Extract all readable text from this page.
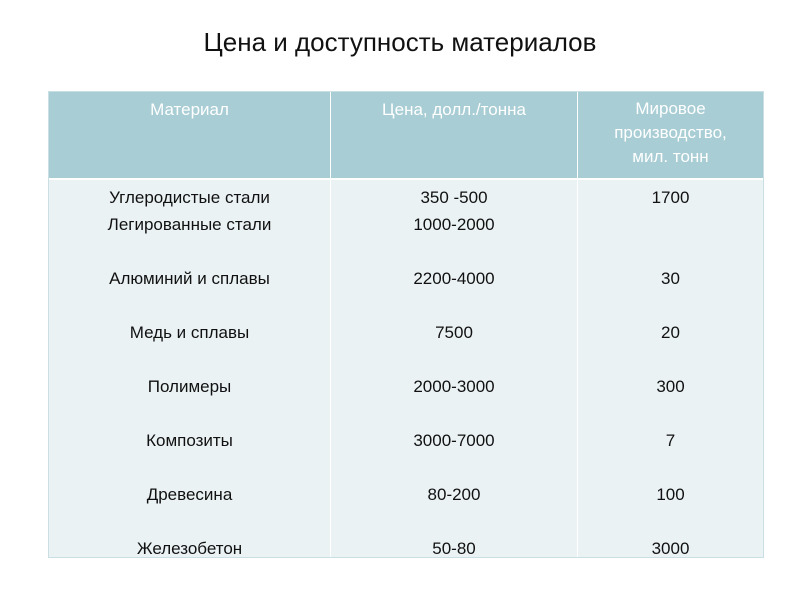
Цена и доступность материалов
Материал	Цена, долл./тонна	Мировое
производство,
мил. тонн
Углеродистые стали
Легированные стали
Алюминий и сплавы
Медь и сплавы
Полимеры
Композиты
Древесина
Железобетон
350 -500
1000-2000
2200-4000
7500
2000-3000
3000-7000
80-200
50-80
1700
30
20
300
7
100
3000
